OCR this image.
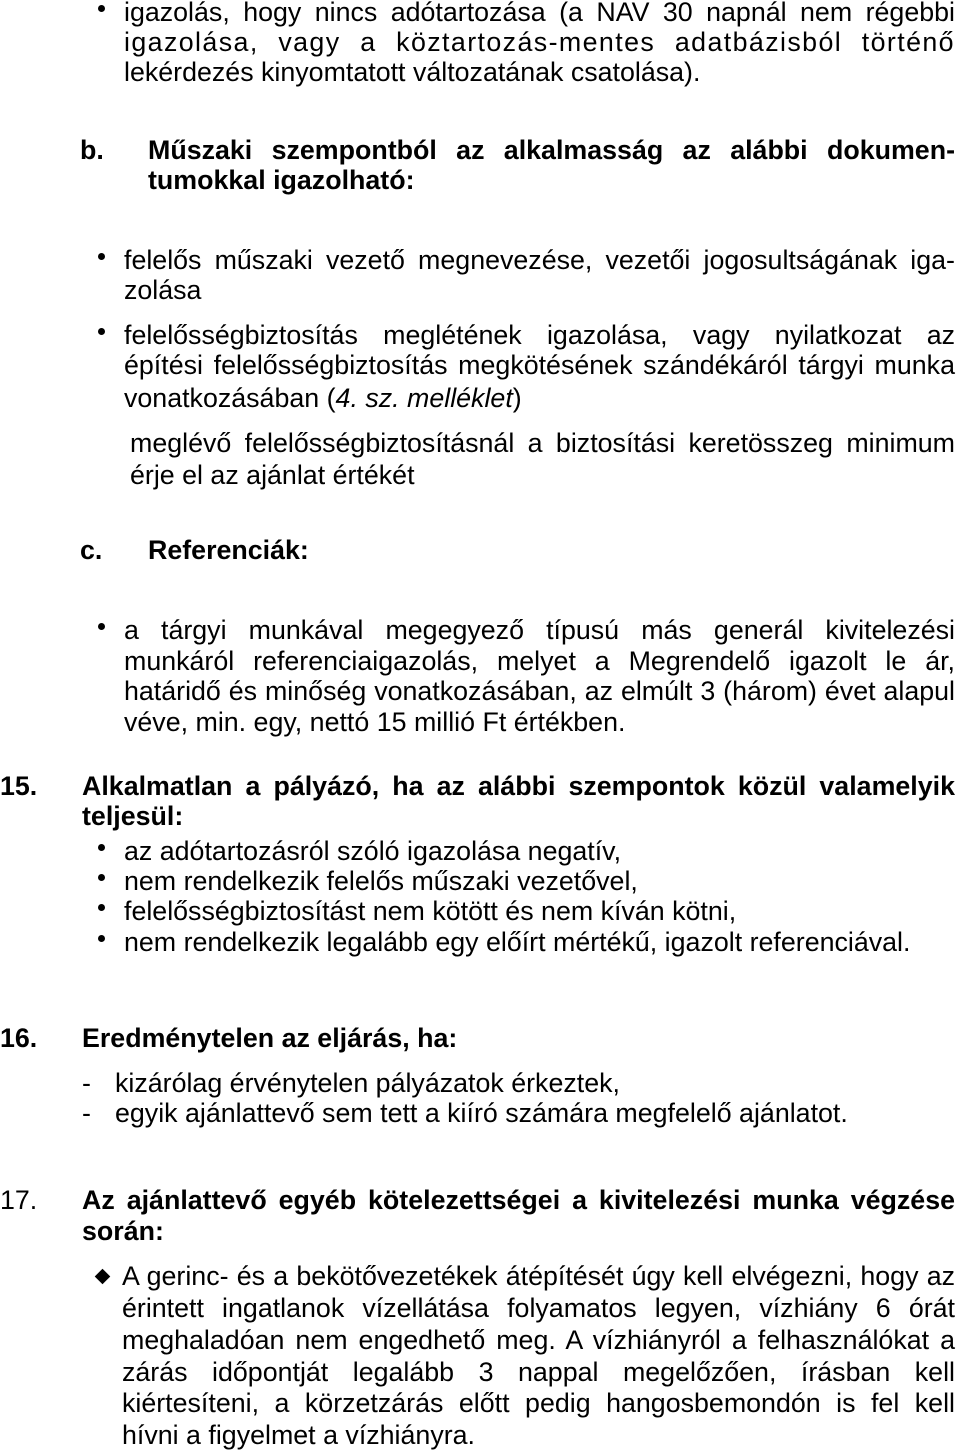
igazolás, hogy nincs adótartozása (a NAV 30 napnál nem régebbi
igazolása, vagy a köztartozás-mentes adatbázisból történő
lekérdezés kinyomtatott változatának csatolása).
b. Műszaki szempontból az alkalmasság az alábbi dokumen-
tumokkal igazolható:
felelős műszaki vezető megnevezése, vezetői jogosultságának iga-
zolása
felelősségbiztosítás meglétének igazolása, vagy nyilatkozat az
építési felelősségbiztosítás megkötésének szándékáról tárgyi munka
vonatkozásában (4. sz. melléklet)
meglévő felelősségbiztosításnál a biztosítási keretösszeg minimum
érje el az ajánlat értékét
c. Referenciák:
a tárgyi munkával megegyező típusú más generál kivitelezési
munkáról referenciaigazolás, melyet a Megrendelő igazolt le ár,
határidő és minőség vonatkozásában, az elmúlt 3 (három) évet alapul
véve, min. egy, nettó 15 millió Ft értékben.
15. Alkalmatlan a pályázó, ha az alábbi szempontok közül valamelyik
teljesül:
az adótartozásról szóló igazolása negatív,
nem rendelkezik felelős műszaki vezetővel,
felelősségbiztosítást nem kötött és nem kíván kötni,
nem rendelkezik legalább egy előírt mértékű, igazolt referenciával.
16. Eredménytelen az eljárás, ha:
- kizárólag érvénytelen pályázatok érkeztek,
- egyik ajánlattevő sem tett a kiíró számára megfelelő ajánlatot.
17. Az ajánlattevő egyéb kötelezettségei a kivitelezési munka végzése
során:
A gerinc- és a bekötővezetékek átépítését úgy kell elvégezni, hogy az
érintett ingatlanok vízellátása folyamatos legyen, vízhiány 6 órát
meghaladóan nem engedhető meg. A vízhiányról a felhasználókat a
zárás időpontját legalább 3 nappal megelőzően, írásban kell
kiértesíteni, a körzetzárás előtt pedig hangosbemondón is fel kell
hívni a figyelmet a vízhiányra.
